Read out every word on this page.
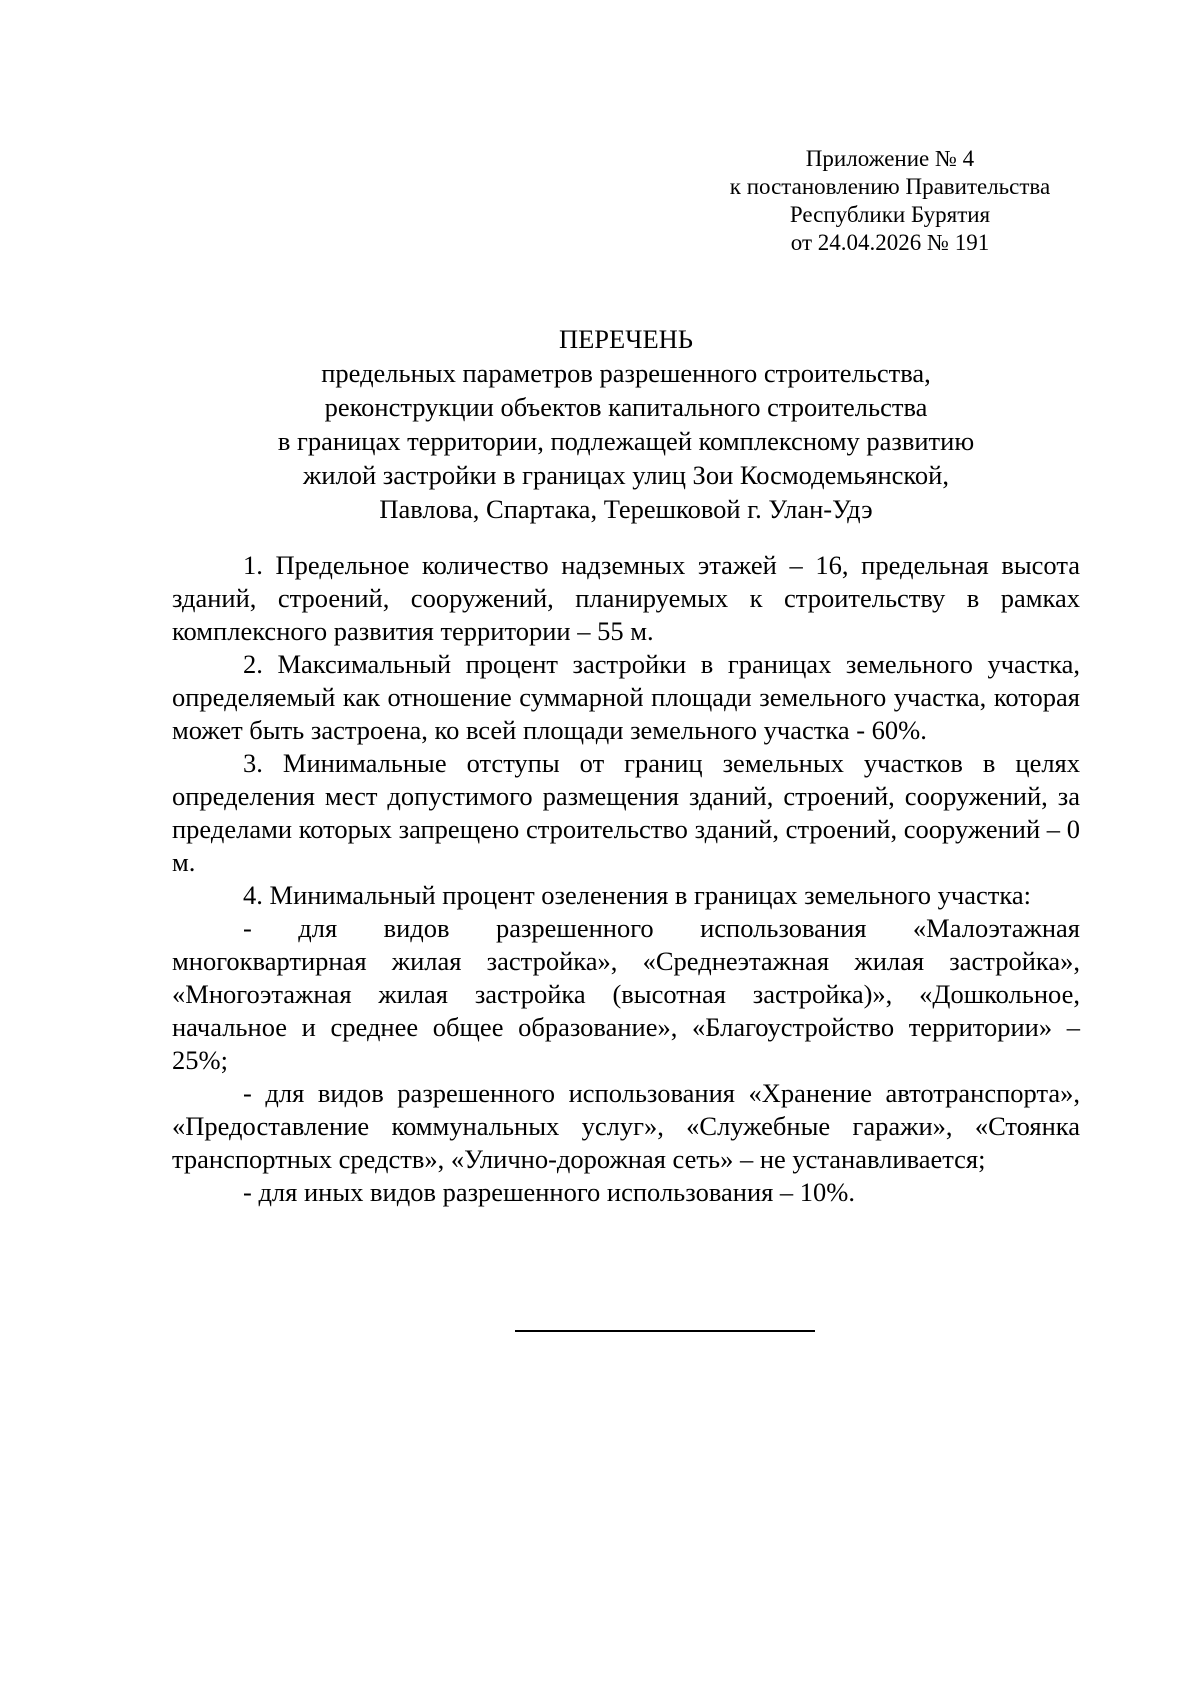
Приложение № 4
к постановлению Правительства
Республики Бурятия
от 24.04.2026 № 191
ПЕРЕЧЕНЬ
предельных параметров разрешенного строительства,
реконструкции объектов капитального строительства
в границах территории, подлежащей комплексному развитию
жилой застройки в границах улиц Зои Космодемьянской,
Павлова, Спартака, Терешковой г. Улан-Удэ

1. Предельное количество надземных этажей – 16, предельная высота зданий, строений, сооружений, планируемых к строительству в рамках комплексного развития территории – 55 м.

2. Максимальный процент застройки в границах земельного участка, определяемый как отношение суммарной площади земельного участка, которая может быть застроена, ко всей площади земельного участка - 60%.

3. Минимальные отступы от границ земельных участков в целях определения мест допустимого размещения зданий, строений, сооружений, за пределами которых запрещено строительство зданий, строений, сооружений – 0 м.

4. Минимальный процент озеленения в границах земельного участка:

- для видов разрешенного использования «Малоэтажная многоквартирная жилая застройка», «Среднеэтажная жилая застройка», «Многоэтажная жилая застройка (высотная застройка)», «Дошкольное, начальное и среднее общее образование», «Благоустройство территории» – 25%;

- для видов разрешенного использования «Хранение автотранспорта», «Предоставление коммунальных услуг», «Служебные гаражи», «Стоянка транспортных средств», «Улично-дорожная сеть» – не устанавливается;

- для иных видов разрешенного использования – 10%.
